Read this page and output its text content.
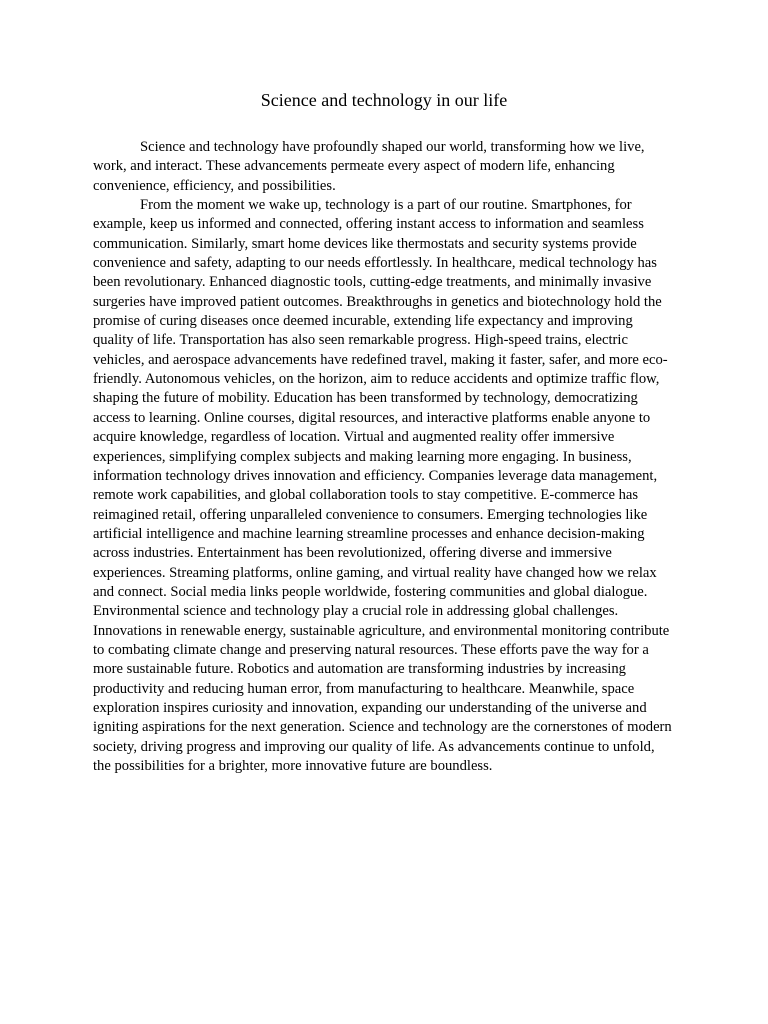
Science and technology in our life

Science and technology have profoundly shaped our world, transforming how we live, work, and interact. These advancements permeate every aspect of modern life, enhancing convenience, efficiency, and possibilities.

From the moment we wake up, technology is a part of our routine. Smartphones, for example, keep us informed and connected, offering instant access to information and seamless communication. Similarly, smart home devices like thermostats and security systems provide convenience and safety, adapting to our needs effortlessly. In healthcare, medical technology has been revolutionary. Enhanced diagnostic tools, cutting-edge treatments, and minimally invasive surgeries have improved patient outcomes. Breakthroughs in genetics and biotechnology hold the promise of curing diseases once deemed incurable, extending life expectancy and improving quality of life. Transportation has also seen remarkable progress. High-speed trains, electric vehicles, and aerospace advancements have redefined travel, making it faster, safer, and more eco-friendly. Autonomous vehicles, on the horizon, aim to reduce accidents and optimize traffic flow, shaping the future of mobility. Education has been transformed by technology, democratizing access to learning. Online courses, digital resources, and interactive platforms enable anyone to acquire knowledge, regardless of location. Virtual and augmented reality offer immersive experiences, simplifying complex subjects and making learning more engaging. In business, information technology drives innovation and efficiency. Companies leverage data management, remote work capabilities, and global collaboration tools to stay competitive. E-commerce has reimagined retail, offering unparalleled convenience to consumers. Emerging technologies like artificial intelligence and machine learning streamline processes and enhance decision-making across industries. Entertainment has been revolutionized, offering diverse and immersive experiences. Streaming platforms, online gaming, and virtual reality have changed how we relax and connect. Social media links people worldwide, fostering communities and global dialogue. Environmental science and technology play a crucial role in addressing global challenges. Innovations in renewable energy, sustainable agriculture, and environmental monitoring contribute to combating climate change and preserving natural resources. These efforts pave the way for a more sustainable future. Robotics and automation are transforming industries by increasing productivity and reducing human error, from manufacturing to healthcare. Meanwhile, space exploration inspires curiosity and innovation, expanding our understanding of the universe and igniting aspirations for the next generation. Science and technology are the cornerstones of modern society, driving progress and improving our quality of life. As advancements continue to unfold, the possibilities for a brighter, more innovative future are boundless.
